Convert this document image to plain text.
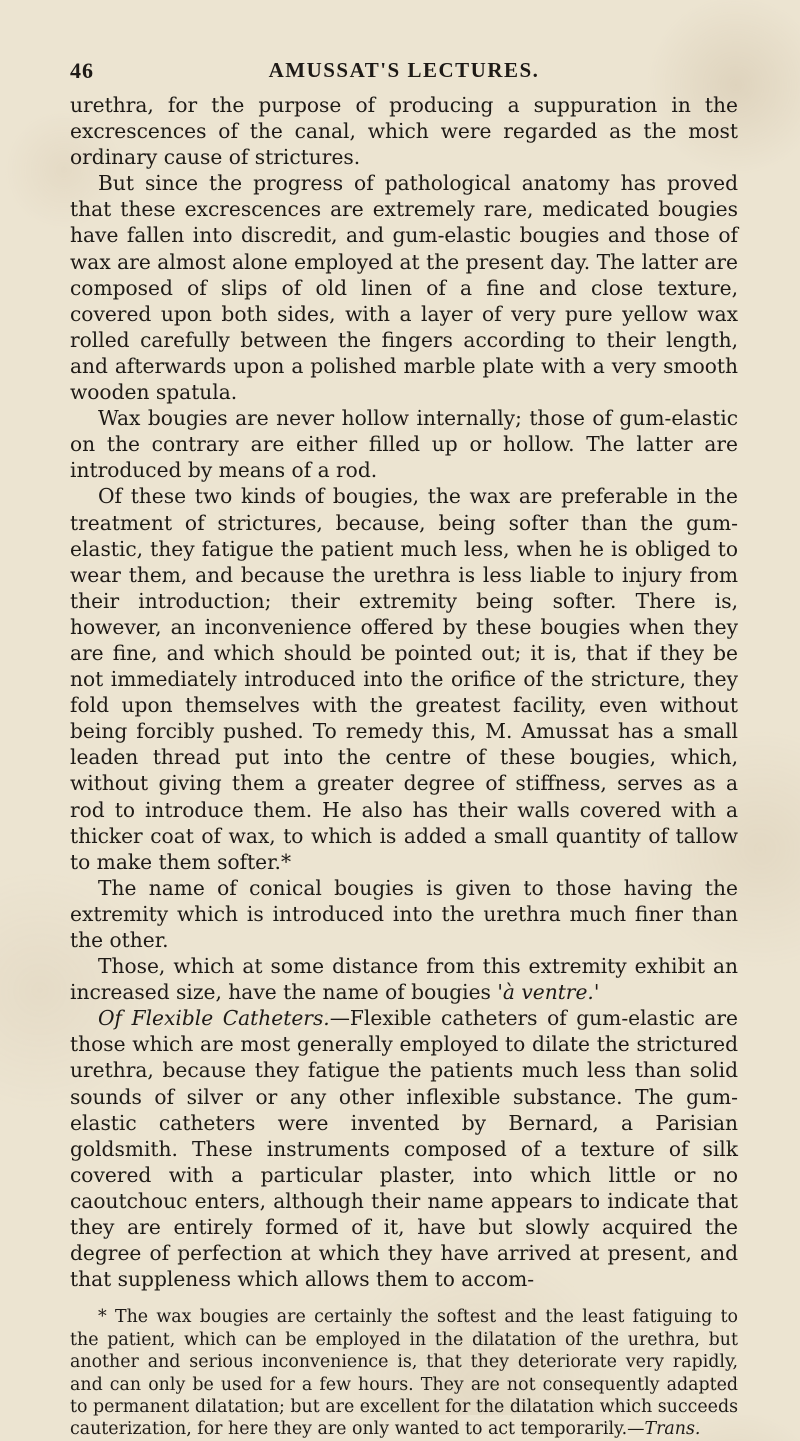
46	AMUSSAT'S LECTURES.

urethra, for the purpose of producing a suppuration in the excrescences of the canal, which were regarded as the most ordinary cause of strictures.

But since the progress of pathological anatomy has proved that these excrescences are extremely rare, medicated bougies have fallen into discredit, and gum-elastic bougies and those of wax are almost alone employed at the present day. The latter are composed of slips of old linen of a fine and close texture, covered upon both sides, with a layer of very pure yellow wax rolled carefully between the fingers according to their length, and afterwards upon a polished marble plate with a very smooth wooden spatula.

Wax bougies are never hollow internally; those of gum-elastic on the contrary are either filled up or hollow. The latter are introduced by means of a rod.

Of these two kinds of bougies, the wax are preferable in the treatment of strictures, because, being softer than the gum-elastic, they fatigue the patient much less, when he is obliged to wear them, and because the urethra is less liable to injury from their introduction; their extremity being softer. There is, however, an inconvenience offered by these bougies when they are fine, and which should be pointed out; it is, that if they be not immediately introduced into the orifice of the stricture, they fold upon themselves with the greatest facility, even without being forcibly pushed. To remedy this, M. Amussat has a small leaden thread put into the centre of these bougies, which, without giving them a greater degree of stiffness, serves as a rod to introduce them. He also has their walls covered with a thicker coat of wax, to which is added a small quantity of tallow to make them softer.*

The name of conical bougies is given to those having the extremity which is introduced into the urethra much finer than the other.

Those, which at some distance from this extremity exhibit an increased size, have the name of bougies 'à ventre.'

Of Flexible Catheters.—Flexible catheters of gum-elastic are those which are most generally employed to dilate the strictured urethra, because they fatigue the patients much less than solid sounds of silver or any other inflexible substance. The gum-elastic catheters were invented by Bernard, a Parisian goldsmith. These instruments composed of a texture of silk covered with a particular plaster, into which little or no caoutchouc enters, although their name appears to indicate that they are entirely formed of it, have but slowly acquired the degree of perfection at which they have arrived at present, and that suppleness which allows them to accom-

* The wax bougies are certainly the softest and the least fatiguing to the patient, which can be employed in the dilatation of the urethra, but another and serious inconvenience is, that they deteriorate very rapidly, and can only be used for a few hours. They are not consequently adapted to permanent dilatation; but are excellent for the dilatation which succeeds cauterization, for here they are only wanted to act temporarily.—Trans.
